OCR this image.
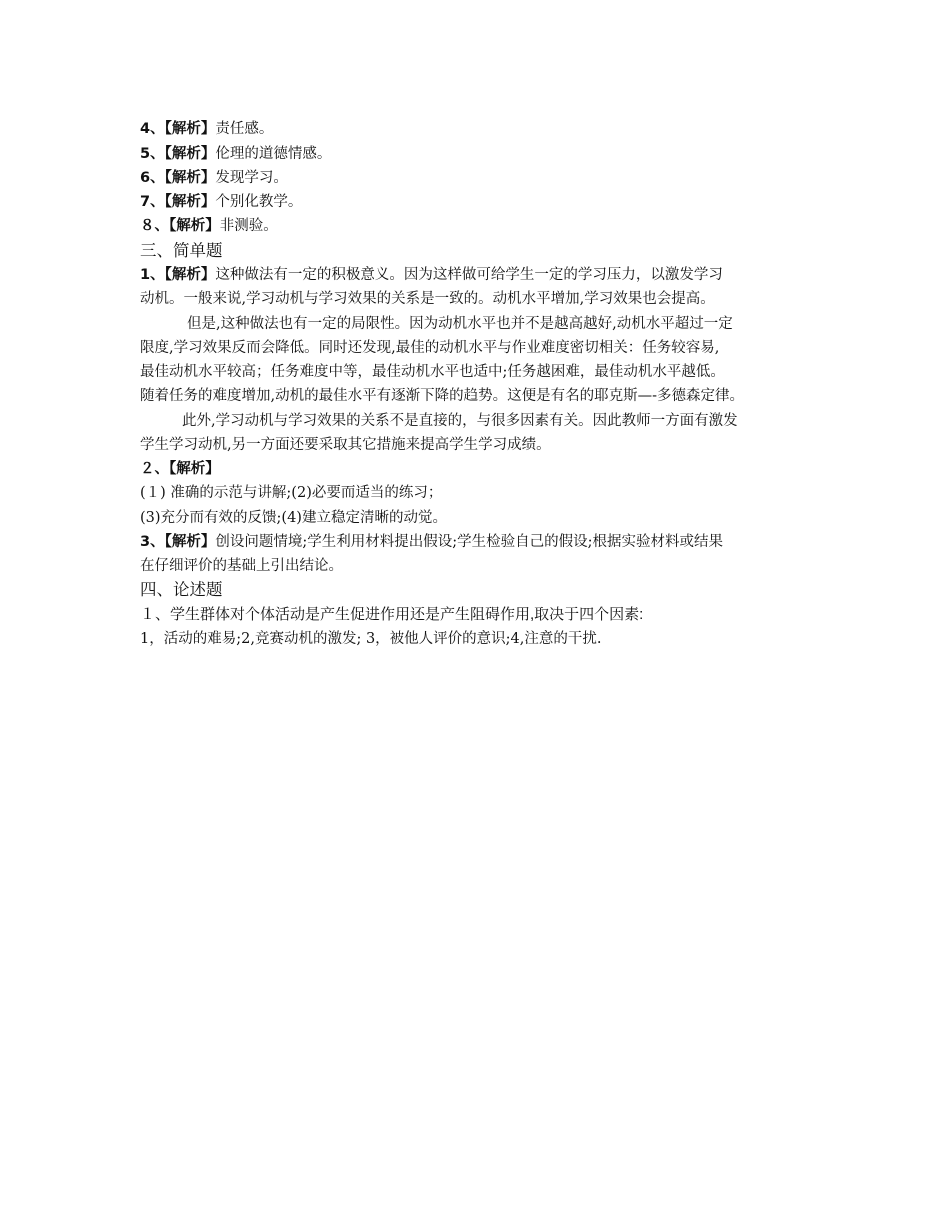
4、【解析】责任感。
5、【解析】伦理的道德情感。
6、【解析】发现学习。
7、【解析】个别化教学。
８、【解析】非测验。
三、简单题
1、【解析】这种做法有一定的积极意义。因为这样做可给学生一定的学习压力，以激发学习
动机。一般来说,学习动机与学习效果的关系是一致的。动机水平增加,学习效果也会提高。
但是,这种做法也有一定的局限性。因为动机水平也并不是越高越好,动机水平超过一定
限度,学习效果反而会降低。同时还发现,最佳的动机水平与作业难度密切相关：任务较容易,
最佳动机水平较高；任务难度中等，最佳动机水平也适中;任务越困难，最佳动机水平越低。
随着任务的难度增加,动机的最佳水平有逐渐下降的趋势。这便是有名的耶克斯—-多德森定律。
此外,学习动机与学习效果的关系不是直接的，与很多因素有关。因此教师一方面有激发
学生学习动机,另一方面还要采取其它措施来提高学生学习成绩。
２、【解析】
(１) 准确的示范与讲解;(2)必要而适当的练习；
(3)充分而有效的反馈;(4)建立稳定清晰的动觉。
3、【解析】创设问题情境;学生利用材料提出假设;学生检验自己的假设;根据实验材料或结果
在仔细评价的基础上引出结论。
四、论述题
１、学生群体对个体活动是产生促进作用还是产生阻碍作用,取决于四个因素:
1，活动的难易;2,竞赛动机的激发; 3，被他人评价的意识;4,注意的干扰.
